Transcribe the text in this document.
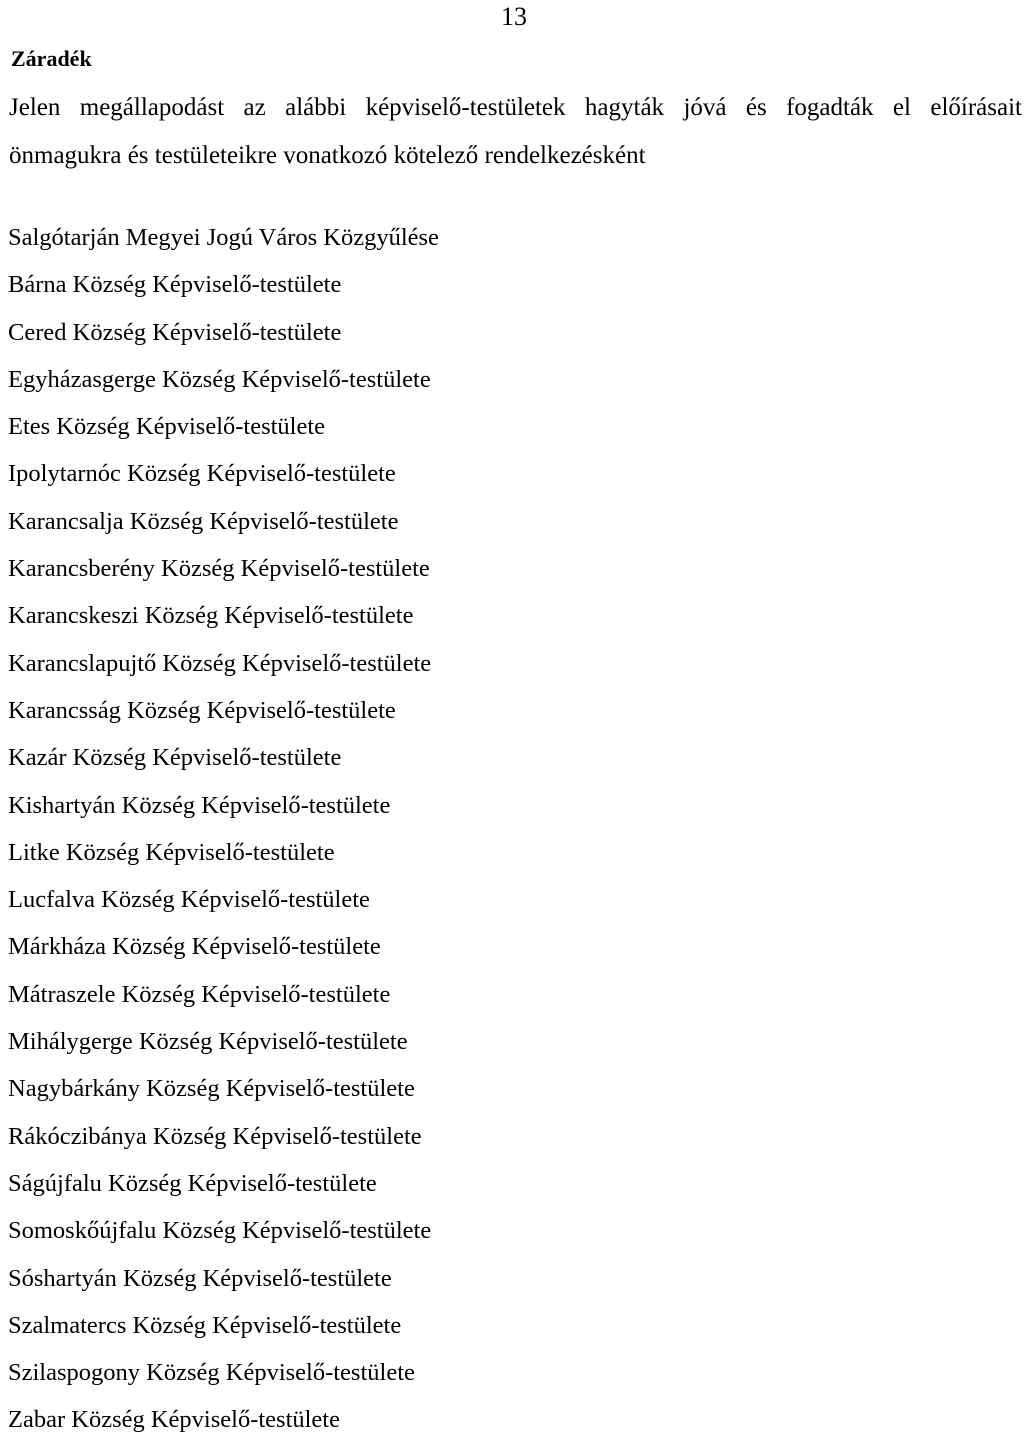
13
Záradék
Jelen megállapodást az alábbi képviselő-testületek hagyták jóvá és fogadták el előírásait
önmagukra és testületeikre vonatkozó kötelező rendelkezésként
Salgótarján Megyei Jogú Város Közgyűlése
Bárna Község Képviselő-testülete
Cered Község Képviselő-testülete
Egyházasgerge Község Képviselő-testülete
Etes Község Képviselő-testülete
Ipolytarnóc Község Képviselő-testülete
Karancsalja Község Képviselő-testülete
Karancsberény Község Képviselő-testülete
Karancskeszi Község Képviselő-testülete
Karancslapujtő Község Képviselő-testülete
Karancsság Község Képviselő-testülete
Kazár Község Képviselő-testülete
Kishartyán Község Képviselő-testülete
Litke Község Képviselő-testülete
Lucfalva Község Képviselő-testülete
Márkháza Község Képviselő-testülete
Mátraszele Község Képviselő-testülete
Mihálygerge Község Képviselő-testülete
Nagybárkány Község Képviselő-testülete
Rákóczibánya Község Képviselő-testülete
Ságújfalu Község Képviselő-testülete
Somoskőújfalu Község Képviselő-testülete
Sóshartyán Község Képviselő-testülete
Szalmatercs Község Képviselő-testülete
Szilaspogony Község Képviselő-testülete
Zabar Község Képviselő-testülete
